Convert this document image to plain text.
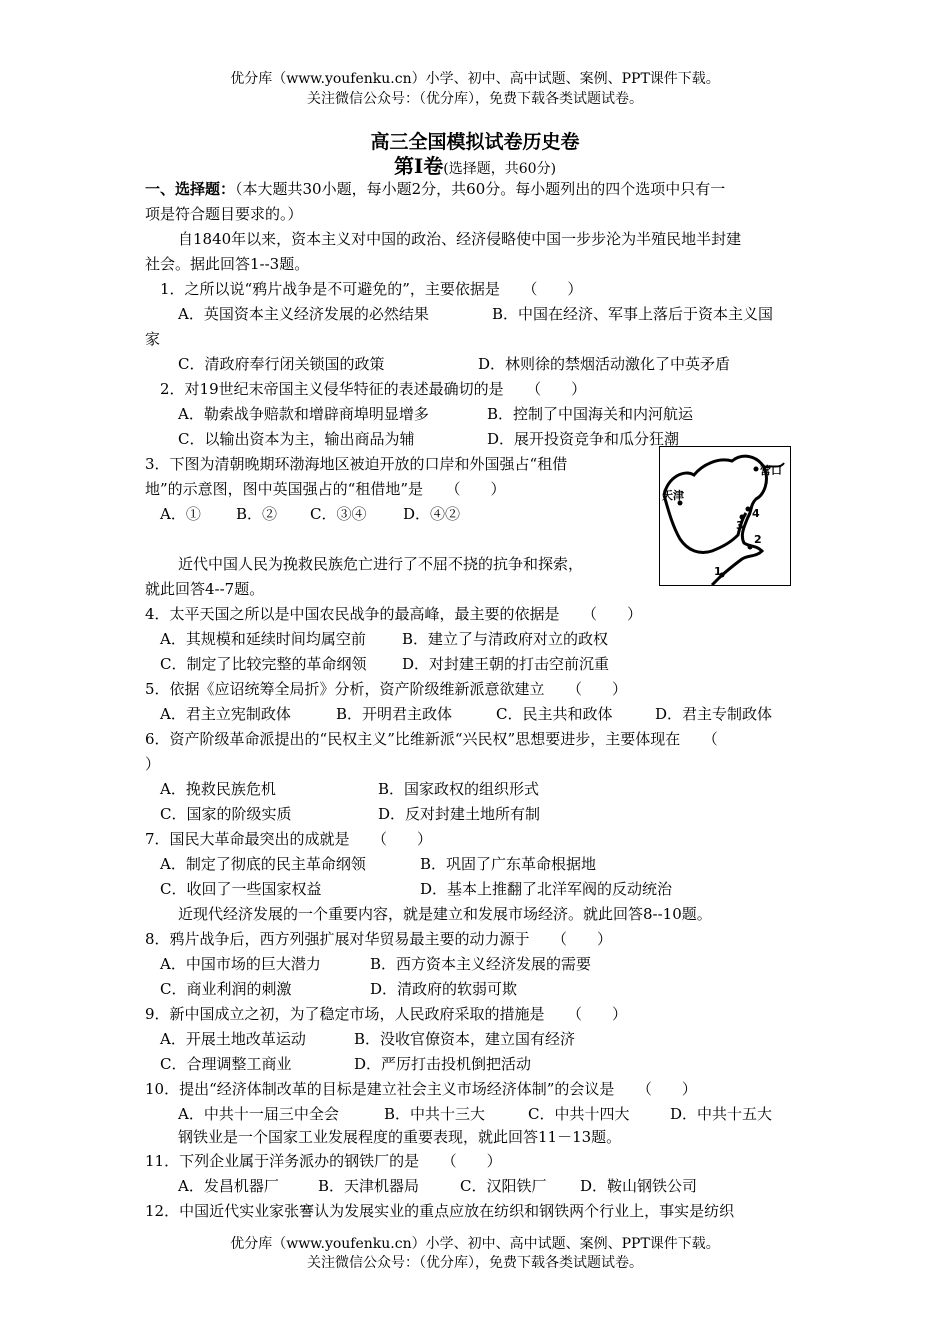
优分库（www.youfenku.cn）小学、初中、高中试题、案例、PPT课件下载。
关注微信公众号：（优分库），免费下载各类试题试卷。
高三全国模拟试卷历史卷
第Ⅰ卷(选择题，共60分)
一、选择题：（本大题共30小题，每小题2分，共60分。每小题列出的四个选项中只有一
项是符合题目要求的。）
自1840年以来，资本主义对中国的政治、经济侵略使中国一步步沦为半殖民地半封建
社会。据此回答1--3题。
1．之所以说“鸦片战争是不可避免的”，主要依据是　　（　　）
A．英国资本主义经济发展的必然结果	B．中国在经济、军事上落后于资本主义国
家
C．清政府奉行闭关锁国的政策	D．林则徐的禁烟活动激化了中英矛盾
2．对19世纪末帝国主义侵华特征的表述最确切的是　　（　　）
A．勒索战争赔款和增辟商埠明显增多	B．控制了中国海关和内河航运
C．以输出资本为主，输出商品为辅	D．展开投资竞争和瓜分狂潮
3．下图为清朝晚期环渤海地区被迫开放的口岸和外国强占“租借
地”的示意图，图中英国强占的“租借地”是　　（　　）
A．① B．② C．③④ D．④②
营口
天津
4
3
2
1
近代中国人民为挽救民族危亡进行了不屈不挠的抗争和探索，
就此回答4--7题。
4．太平天国之所以是中国农民战争的最高峰，最主要的依据是　　（　　）
A．其规模和延续时间均属空前 B．建立了与清政府对立的政权
C．制定了比较完整的革命纲领 D．对封建王朝的打击空前沉重
5．依据《应诏统筹全局折》分析，资产阶级维新派意欲建立　　（　　）
A．君主立宪制政体	B．开明君主政体	C．民主共和政体	D．君主专制政体
6．资产阶级革命派提出的“民权主义”比维新派“兴民权”思想要进步，主要体现在　　（
）
A．挽救民族危机	B．国家政权的组织形式
C．国家的阶级实质	D．反对封建土地所有制
7．国民大革命最突出的成就是　　（　　）
A．制定了彻底的民主革命纲领	B．巩固了广东革命根据地
C．收回了一些国家权益	D．基本上推翻了北洋军阀的反动统治
近现代经济发展的一个重要内容，就是建立和发展市场经济。就此回答8--10题。
8．鸦片战争后，西方列强扩展对华贸易最主要的动力源于　　（　　）
A．中国市场的巨大潜力	B．西方资本主义经济发展的需要
C．商业利润的刺激	D．清政府的软弱可欺
9．新中国成立之初，为了稳定市场，人民政府采取的措施是　　（　　）
A．开展土地改革运动	B．没收官僚资本，建立国有经济
C．合理调整工商业	D．严厉打击投机倒把活动
10．提出“经济体制改革的目标是建立社会主义市场经济体制”的会议是　　（　　）
A．中共十一届三中全会	B．中共十三大	C．中共十四大	D．中共十五大
钢铁业是一个国家工业发展程度的重要表现，就此回答11－13题。
11．下列企业属于洋务派办的钢铁厂的是　　（　　）
A．发昌机器厂	B．天津机器局	C．汉阳铁厂 D．鞍山钢铁公司
12．中国近代实业家张謇认为发展实业的重点应放在纺织和钢铁两个行业上，事实是纺织
优分库（www.youfenku.cn）小学、初中、高中试题、案例、PPT课件下载。
关注微信公众号：（优分库），免费下载各类试题试卷。
